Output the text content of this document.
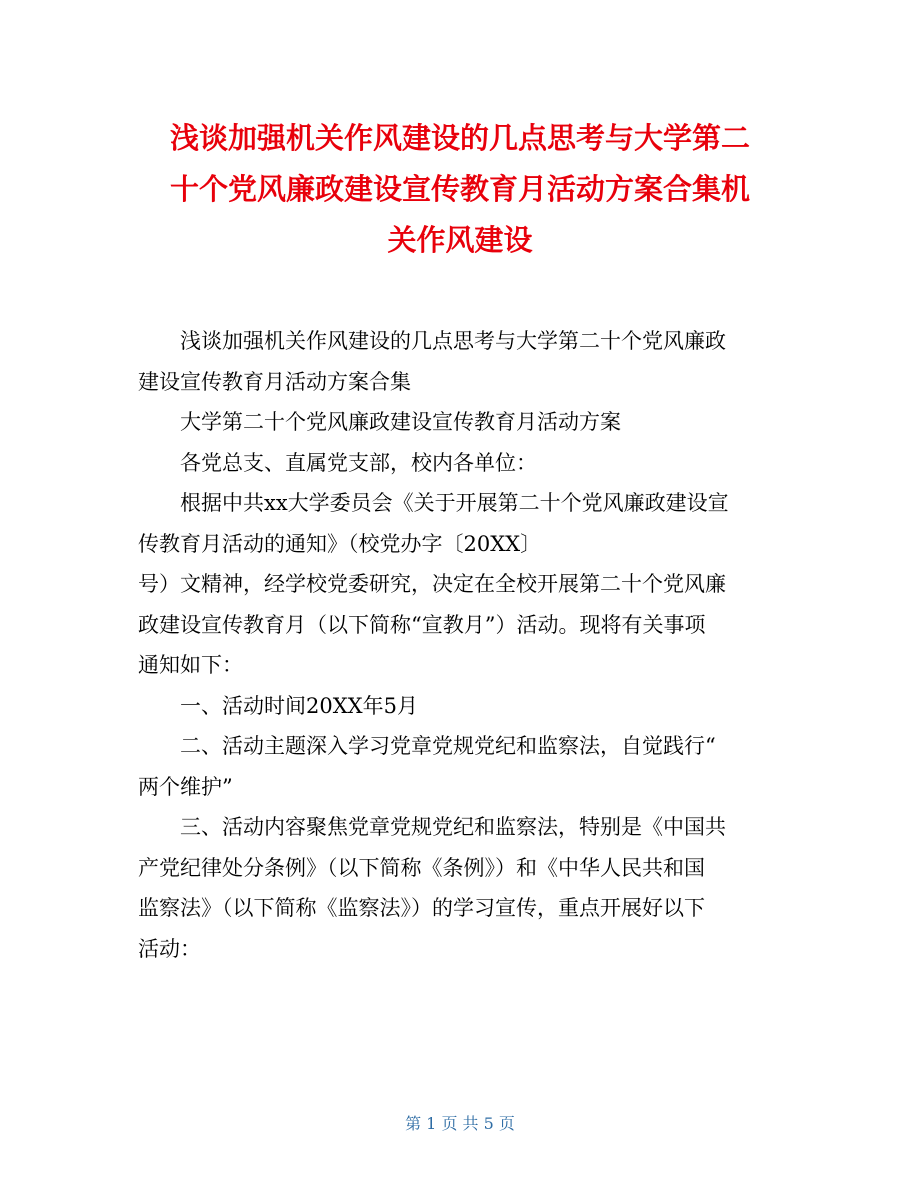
浅谈加强机关作风建设的几点思考与大学第二
十个党风廉政建设宣传教育月活动方案合集机
关作风建设
浅谈加强机关作风建设的几点思考与大学第二十个党风廉政
建设宣传教育月活动方案合集
大学第二十个党风廉政建设宣传教育月活动方案
各党总支、直属党支部，校内各单位：
根据中共xx大学委员会《关于开展第二十个党风廉政建设宣
传教育月活动的通知》（校党办字〔20XX〕
号）文精神，经学校党委研究，决定在全校开展第二十个党风廉
政建设宣传教育月（以下简称“宣教月”）活动。现将有关事项
通知如下：
一、活动时间20XX年5月
二、活动主题深入学习党章党规党纪和监察法，自觉践行“
两个维护”
三、活动内容聚焦党章党规党纪和监察法，特别是《中国共
产党纪律处分条例》（以下简称《条例》）和《中华人民共和国
监察法》（以下简称《监察法》）的学习宣传，重点开展好以下
活动：
第 1 页 共 5 页
